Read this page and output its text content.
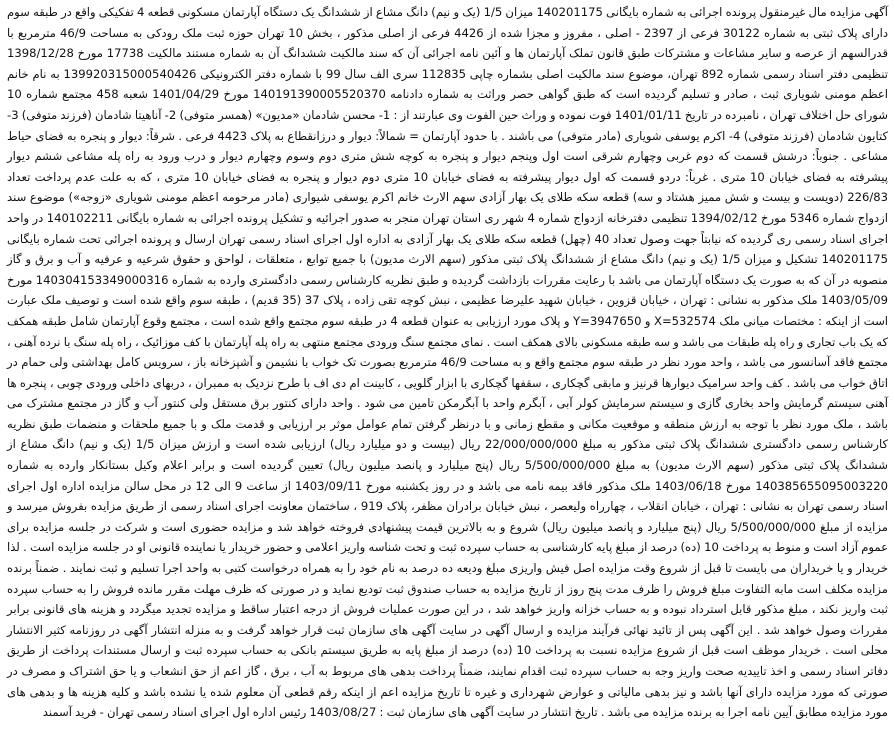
آگهی مزایده مال غیرمنقول پرونده اجرائی به شماره بایگانی 140201175 میزان 1/5 (یک و نیم) دانگ مشاع از ششدانگ یک دستگاه آپارتمان مسکونی قطعه 4 تفکیکی واقع در طبقه سوم دارای پلاک ثبتی به شماره 30122 فرعی از 2397 - اصلی ، مفروز و مجزا شده از 4426 فرعی از اصلی مذکور ، بخش 10 تهران حوزه ثبت ملک رودکی به مساحت 46/9 مترمربع با قدرالسهم از عرصه و سایر مشاعات و مشترکات طبق قانون تملک آپارتمان ها و آئین نامه اجرائی آن که سند مالکیت ششدانگ آن به شماره مستند مالکیت 17738 مورخ 1398/12/28 تنظیمی دفتر اسناد رسمی شماره 892 تهران، موضوع سند مالکیت اصلی بشماره چاپی 112835 سری الف سال 99 با شماره دفتر الکترونیکی 139920315000540426 به نام خانم اعظم مومنی شویاری ثبت ، صادر و تسلیم گردیده است که طبق گواهی حصر وراثت به شماره دادنامه 140191390005520370 مورخ 1401/04/29 شعبه 458 مجتمع شماره 10 شورای حل اختلاف تهران ، نامبرده در تاریخ 1401/01/11 فوت نموده و وراث حین الفوت وی عبارتند از : 1- محسن شادمان «مدیون» (همسر متوفی) 2- آناهیتا شادمان (فرزند متوفی) 3- کتایون شادمان (فرزند متوفی) 4- اکرم یوسفی شویاری (مادر متوفی) می باشند . با حدود آپارتمان = شمالاً: دیوار و درزانقطاع به پلاک 4423 فرعی . شرقاً: دیوار و پنجره به فضای حیاط مشاعی . جنوباً: درشش قسمت که دوم غربی وچهارم شرقی است اول وپنجم دیوار و پنجره به کوچه شش متری دوم وسوم وچهارم دیوار و درب ورود به راه پله مشاعی ششم دیوار پیشرفته به فضای خیابان 10 متری . غرباً: دردو قسمت که اول دیوار پیشرفته به فضای خیابان 10 متری دوم دیوار و پنجره به فضای خیابان 10 متری ، که به علت عدم پرداخت تعداد 226/83 (دویست و بیست و شش ممیز هشتاد و سه) قطعه سکه طلای یک بهار آزادی سهم الارث خانم اکرم یوسفی شیواری (مادر مرحومه اعظم مومنی شویاری «زوجه») موضوع سند ازدواج شماره 5346 مورخ 1394/02/12 تنظیمی دفترخانه ازدواج شماره 4 شهر ری استان تهران منجر به صدور اجرائیه و تشکیل پرونده اجرائی به شماره بایگانی 140102211 در واحد اجرای اسناد رسمی ری گردیده که نیابتاً جهت وصول تعداد 40 (چهل) قطعه سکه طلای یک بهار آزادی به اداره اول اجرای اسناد رسمی تهران ارسال و پرونده اجرائی تحت شماره بایگانی 140201175 تشکیل و میزان 1/5 (یک و نیم) دانگ مشاع از ششدانگ پلاک ثبتی مذکور (سهم الارث مدیون) با جمیع توابع ، متعلقات ، لواحق و حقوق شرعیه و عرفیه و آب و برق و گاز منصوبه در آن که به صورت یک دستگاه آپارتمان می باشد با رعایت مقررات بازداشت گردیده و طبق نظریه کارشناس رسمی دادگستری وارده به شماره 140304153349000316 مورخ 1403/05/09 ملک مذکور به نشانی : تهران ، خیابان قزوین ، خیابان شهید علیرضا عظیمی ، نبش کوچه تقی زاده ، پلاک 37 (35 قدیم) ، طبقه سوم واقع شده است و توصیف ملک عبارت است از اینکه : مختصات میانی ملک X=532574 و Y=3947650 و پلاک مورد ارزیابی به عنوان قطعه 4 در طبقه سوم مجتمع واقع شده است ، مجتمع وقوع آپارتمان شامل طبقه همکف که یک باب تجاری و راه پله طبقات می باشد و سه طبقه مسکونی بالای همکف است . نمای مجتمع سنگ ورودی مجتمع منتهی به راه پله آپارتمان با کف موزائیک ، راه پله سنگ با نرده آهنی ، مجتمع فاقد آسانسور می باشد ، واحد مورد نظر در طبقه سوم مجتمع واقع و به مساحت 46/9 مترمربع بصورت تک خواب با نشیمن و آشپزخانه باز ، سرویس کامل بهداشتی ولی حمام در اتاق خواب می باشد . کف واحد سرامیک دیوارها قرنیز و مابقی گچکاری ، سقفها گچکاری با ابزار گلویی ، کابینت ام دی اف با طرح نزدیک به ممبران ، دربهای داخلی ورودی چوبی ، پنجره ها آهنی سیستم گرمایش واحد بخاری گازی و سیستم سرمایش کولر آبی ، آبگرم واحد با آبگرمکن تامین می شود . واحد دارای کنتور برق مستقل ولی کنتور آب و گاز در مجتمع مشترک می باشد ، ملک مورد نظر با توجه به ارزش منطقه و موقعیت مکانی و مقطع زمانی و با درنظر گرفتن تمام عوامل موثر بر ارزیابی و قدمت ملک و با جمیع ملحقات و منضمات طبق نظریه کارشناس رسمی دادگستری ششدانگ پلاک ثبتی مذکور به مبلغ 22/000/000/000 ریال (بیست و دو میلیارد ریال) ارزیابی شده است و ارزش میزان 1/5 (یک و نیم) دانگ مشاع از ششدانگ پلاک ثبتی مذکور (سهم الارث مدیون) به مبلغ 5/500/000/000 ریال (پنج میلیارد و پانصد میلیون ریال) تعیین گردیده است و برابر اعلام وکیل بستانکار وارده به شماره 140385655095003220 مورخ 1403/06/18 ملک مذکور فاقد بیمه نامه می باشد و در روز یکشنبه مورخ 1403/09/11 از ساعت 9 الی 12 در محل سالن مزایده اداره اول اجرای اسناد رسمی تهران به نشانی : تهران ، خیابان انقلاب ، چهارراه ولیعصر ، نبش خیابان برادران مظفر، پلاک 919 ، ساختمان معاونت اجرای اسناد رسمی از طریق مزایده بفروش میرسد و مزایده از مبلغ 5/500/000/000 ریال (پنج میلیارد و پانصد میلیون ریال) شروع و به بالاترین قیمت پیشنهادی فروخته خواهد شد و مزایده حضوری است و شرکت در جلسه مزایده برای عموم آزاد است و منوط به پرداخت 10 (ده) درصد از مبلغ پایه کارشناسی به حساب سپرده ثبت و تحت شناسه واریز اعلامی و حضور خریدار یا نماینده قانونی او در جلسه مزایده است . لذا خریدار و یا خریداران می بایست تا قبل از شروع وقت مزایده اصل فیش واریزی مبلغ ودیعه ده درصد به نام خود را به همراه درخواست کتبی به واحد اجرا تسلیم و ثبت نمایند . ضمناً برنده مزایده مکلف است مابه التفاوت مبلغ فروش را ظرف مدت پنج روز از تاریخ مزایده به حساب صندوق ثبت تودیع نماید و در صورتی که ظرف مهلت مقرر مانده فروش را به حساب سپرده ثبت واریز نکند ، مبلغ مذکور قابل استرداد نبوده و به حساب خزانه واریز خواهد شد ، در این صورت عملیات فروش از درجه اعتبار ساقط و مزایده تجدید میگردد و هزینه های قانونی برابر مقررات وصول خواهد شد . این آگهی پس از تائید نهائی فرآیند مزایده و ارسال آگهی در سایت آگهی های سازمان ثبت قرار خواهد گرفت و به منزله انتشار آگهی در روزنامه کثیر الانتشار محلی است . خریدار موظف است قبل از شروع مزایده نسبت به پرداخت 10 (ده) درصد از مبلغ پایه به طریق سیستم بانکی به حساب سپرده ثبت و ارسال مستندات پرداخت از طریق دفاتر اسناد رسمی و اخذ تاییدیه صحت واریز وجه به حساب سپرده ثبت اقدام نمایند، ضمناً پرداخت بدهی های مربوط به آب ، برق ، گاز اعم از حق انشعاب و یا حق اشتراک و مصرف در صورتی که مورد مزایده دارای آنها باشد و نیز بدهی مالیاتی و عوارض شهرداری و غیره تا تاریخ مزایده اعم از اینکه رقم قطعی آن معلوم شده یا نشده باشد و کلیه هزینه ها و بدهی های مورد مزایده مطابق آیین نامه اجرا به برنده مزایده می باشد . تاریخ انتشار در سایت آگهی های سازمان ثبت : 1403/08/27 رئیس اداره اول اجرای اسناد رسمی تهران - فرید آسمند
